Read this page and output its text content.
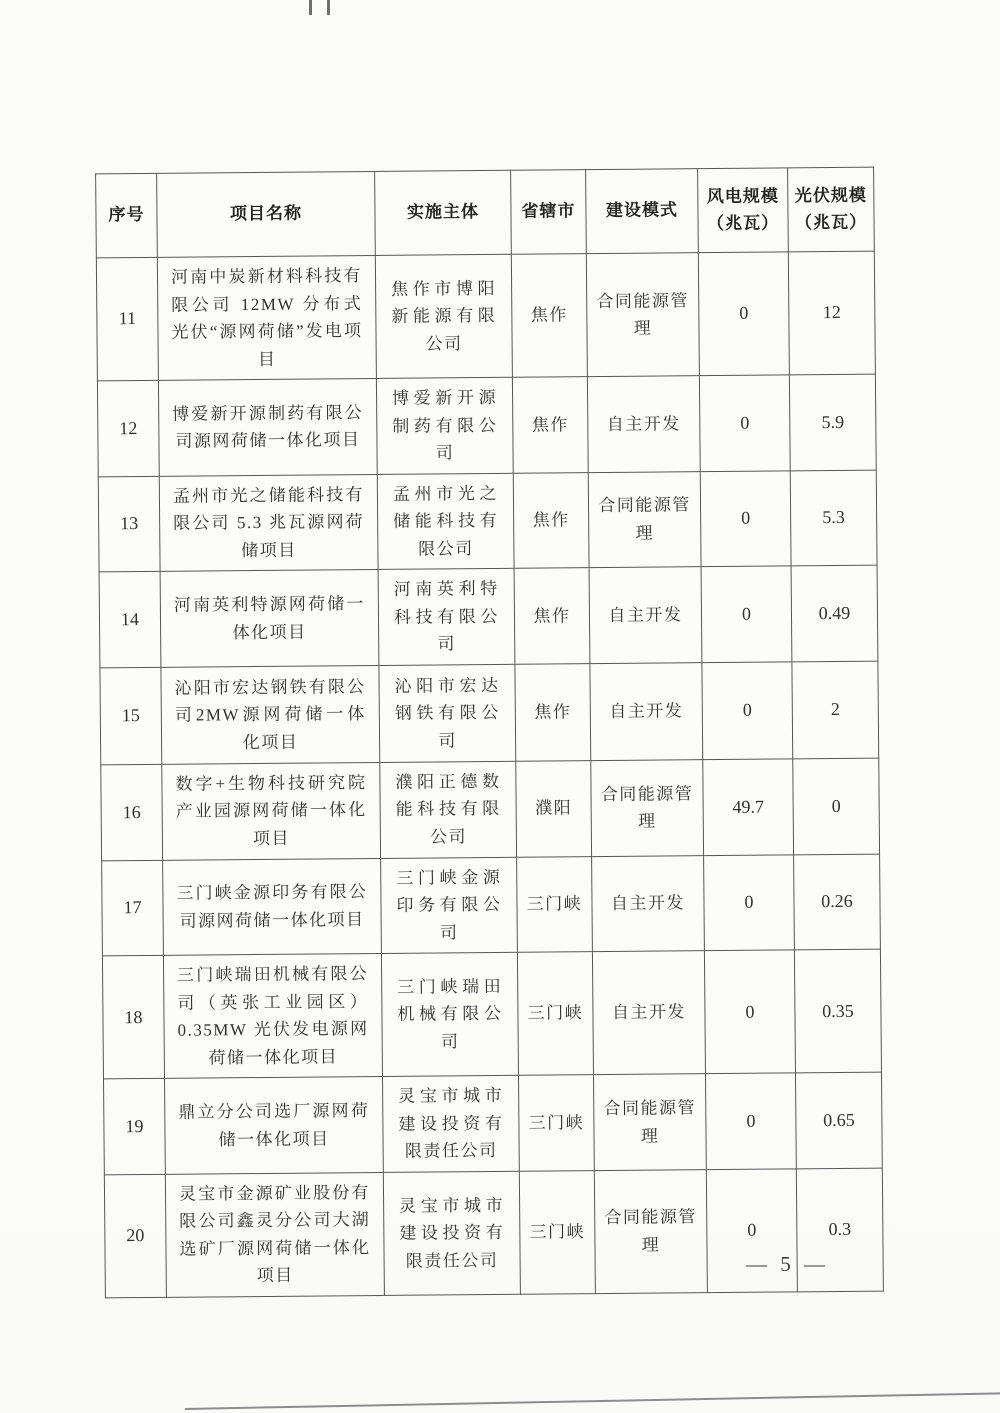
序号	项目名称	实施主体	省辖市	建设模式	风电规模（兆瓦）	光伏规模（兆瓦）
11	河南中炭新材料科技有限公司 12MW 分布式光伏“源网荷储”发电项目	焦作市博阳新能源有限公司	焦作	合同能源管理	0	12
12	博爱新开源制药有限公司源网荷储一体化项目	博爱新开源制药有限公司	焦作	自主开发	0	5.9
13	孟州市光之储能科技有限公司 5.3 兆瓦源网荷储项目	孟州市光之储能科技有限公司	焦作	合同能源管理	0	5.3
14	河南英利特源网荷储一体化项目	河南英利特科技有限公司	焦作	自主开发	0	0.49
15	沁阳市宏达钢铁有限公司2MW源网荷储一体化项目	沁阳市宏达钢铁有限公司	焦作	自主开发	0	2
16	数字+生物科技研究院产业园源网荷储一体化项目	濮阳正德数能科技有限公司	濮阳	合同能源管理	49.7	0
17	三门峡金源印务有限公司源网荷储一体化项目	三门峡金源印务有限公司	三门峡	自主开发	0	0.26
18	三门峡瑞田机械有限公司（英张工业园区）0.35MW 光伏发电源网荷储一体化项目	三门峡瑞田机械有限公司	三门峡	自主开发	0	0.35
19	鼎立分公司选厂源网荷储一体化项目	灵宝市城市建设投资有限责任公司	三门峡	合同能源管理	0	0.65
20	灵宝市金源矿业股份有限公司鑫灵分公司大湖选矿厂源网荷储一体化项目	灵宝市城市建设投资有限责任公司	三门峡	合同能源管理	0	0.3
— 5 —
